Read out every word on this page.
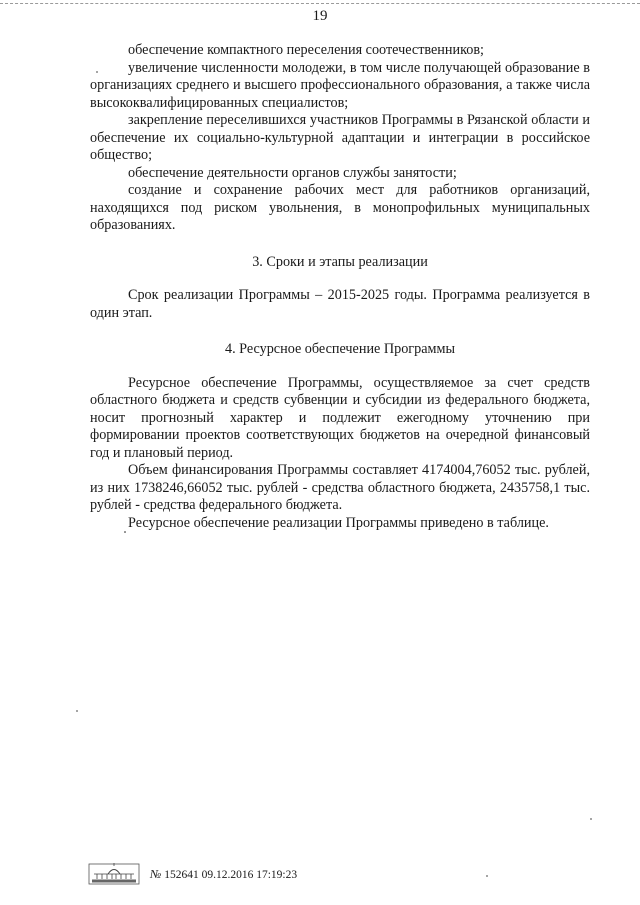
19

обеспечение компактного переселения соотечественников;

увеличение численности молодежи, в том числе получающей образование в организациях среднего и высшего профессионального образования, а также числа высококвалифицированных специалистов;

закрепление переселившихся участников Программы в Рязанской области и обеспечение их социально-культурной адаптации и интеграции в российское общество;

обеспечение деятельности органов службы занятости;

создание и сохранение рабочих мест для работников организаций, находящихся под риском увольнения, в монопрофильных муниципальных образованиях.

3. Сроки и этапы реализации

Срок реализации Программы – 2015-2025 годы. Программа реализуется в один этап.

4. Ресурсное обеспечение Программы

Ресурсное обеспечение Программы, осуществляемое за счет средств областного бюджета и средств субвенции и субсидии из федерального бюджета, носит прогнозный характер и подлежит ежегодному уточнению при формировании проектов соответствующих бюджетов на очередной финансовый год и плановый период.

Объем финансирования Программы составляет 4174004,76052 тыс. рублей, из них 1738246,66052 тыс. рублей - средства областного бюджета, 2435758,1 тыс. рублей - средства федерального бюджета.

Ресурсное обеспечение реализации Программы приведено в таблице.

№ 152641 09.12.2016 17:19:23
